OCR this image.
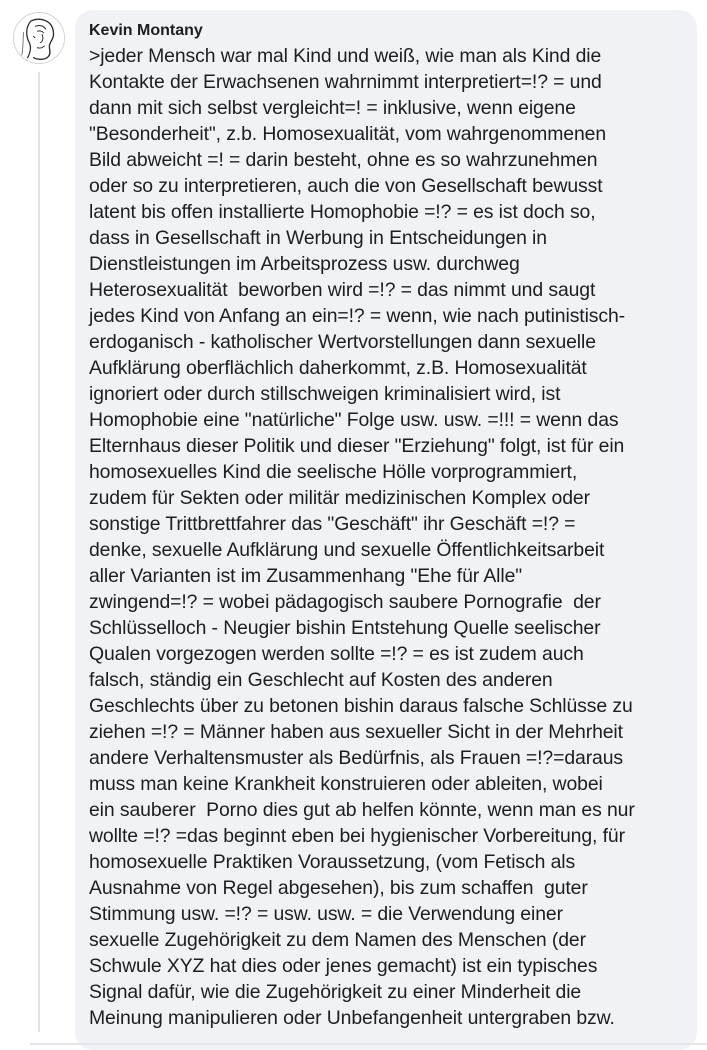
Kevin Montany
>jeder Mensch war mal Kind und weiß, wie man als Kind die
Kontakte der Erwachsenen wahrnimmt interpretiert=!? = und
dann mit sich selbst vergleicht=! = inklusive, wenn eigene
"Besonderheit", z.b. Homosexualität, vom wahrgenommenen
Bild abweicht =! = darin besteht, ohne es so wahrzunehmen
oder so zu interpretieren, auch die von Gesellschaft bewusst
latent bis offen installierte Homophobie =!? = es ist doch so,
dass in Gesellschaft in Werbung in Entscheidungen in
Dienstleistungen im Arbeitsprozess usw. durchweg
Heterosexualität  beworben wird =!? = das nimmt und saugt
jedes Kind von Anfang an ein=!? = wenn, wie nach putinistisch-
erdoganisch - katholischer Wertvorstellungen dann sexuelle
Aufklärung oberflächlich daherkommt, z.B. Homosexualität
ignoriert oder durch stillschweigen kriminalisiert wird, ist
Homophobie eine "natürliche" Folge usw. usw. =!!! = wenn das
Elternhaus dieser Politik und dieser "Erziehung" folgt, ist für ein
homosexuelles Kind die seelische Hölle vorprogrammiert,
zudem für Sekten oder militär medizinischen Komplex oder
sonstige Trittbrettfahrer das "Geschäft" ihr Geschäft =!? =
denke, sexuelle Aufklärung und sexuelle Öffentlichkeitsarbeit
aller Varianten ist im Zusammenhang "Ehe für Alle"
zwingend=!? = wobei pädagogisch saubere Pornografie  der
Schlüsselloch - Neugier bishin Entstehung Quelle seelischer
Qualen vorgezogen werden sollte =!? = es ist zudem auch
falsch, ständig ein Geschlecht auf Kosten des anderen
Geschlechts über zu betonen bishin daraus falsche Schlüsse zu
ziehen =!? = Männer haben aus sexueller Sicht in der Mehrheit
andere Verhaltensmuster als Bedürfnis, als Frauen =!?=daraus
muss man keine Krankheit konstruieren oder ableiten, wobei
ein sauberer  Porno dies gut ab helfen könnte, wenn man es nur
wollte =!? =das beginnt eben bei hygienischer Vorbereitung, für
homosexuelle Praktiken Voraussetzung, (vom Fetisch als
Ausnahme von Regel abgesehen), bis zum schaffen  guter
Stimmung usw. =!? = usw. usw. = die Verwendung einer
sexuelle Zugehörigkeit zu dem Namen des Menschen (der
Schwule XYZ hat dies oder jenes gemacht) ist ein typisches
Signal dafür, wie die Zugehörigkeit zu einer Minderheit die
Meinung manipulieren oder Unbefangenheit untergraben bzw.
